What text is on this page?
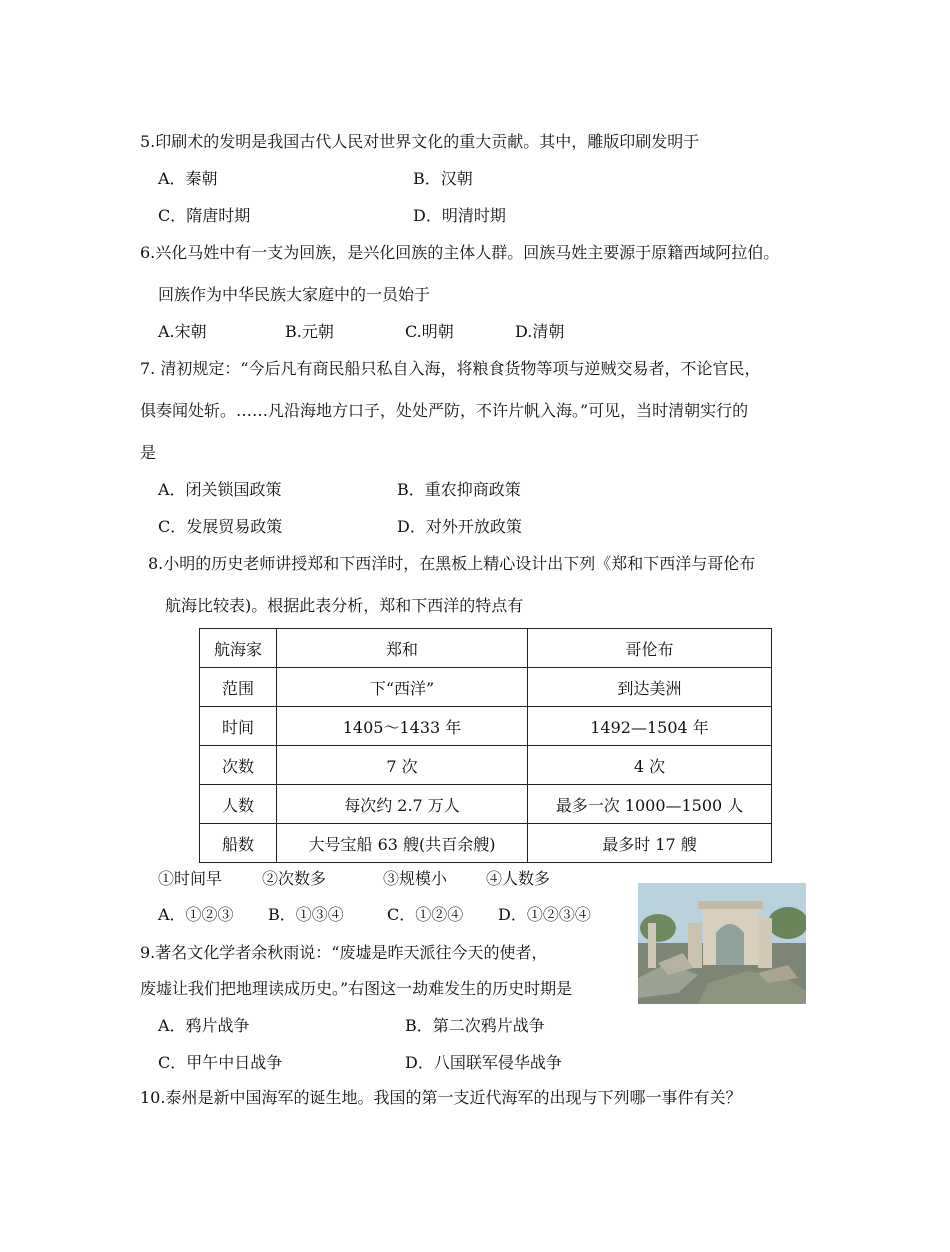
5.印刷术的发明是我国古代人民对世界文化的重大贡献。其中，雕版印刷发明于
A．秦朝	B．汉朝
C．隋唐时期	D．明清时期
6.兴化马姓中有一支为回族，是兴化回族的主体人群。回族马姓主要源于原籍西域阿拉伯。
回族作为中华民族大家庭中的一员始于
A.宋朝	B.元朝	C.明朝	D.清朝
7. 清初规定：“今后凡有商民船只私自入海，将粮食货物等项与逆贼交易者，不论官民，
俱奏闻处斩。……凡沿海地方口子，处处严防，不许片帆入海。”可见，当时清朝实行的
是
A．闭关锁国政策	B．重农抑商政策
C．发展贸易政策	D．对外开放政策
8.小明的历史老师讲授郑和下西洋时，在黑板上精心设计出下列《郑和下西洋与哥伦布
航海比较表)。根据此表分析，郑和下西洋的特点有
航海家	郑和	哥伦布
范围	下“西洋”	到达美洲
时间	1405～1433 年	1492—1504 年
次数	7 次	4 次
人数	每次约 2.7 万人	最多一次 1000—1500 人
船数	大号宝船 63 艘(共百余艘)	最多时 17 艘
①时间早 ②次数多	③规模小 ④人数多
A．①②③ B．①③④	C．①②④ D．①②③④
9.著名文化学者余秋雨说：“废墟是昨天派往今天的使者，
废墟让我们把地理读成历史。”右图这一劫难发生的历史时期是
A．鸦片战争	B．第二次鸦片战争
C．甲午中日战争	D．八国联军侵华战争
10.泰州是新中国海军的诞生地。我国的第一支近代海军的出现与下列哪一事件有关？
